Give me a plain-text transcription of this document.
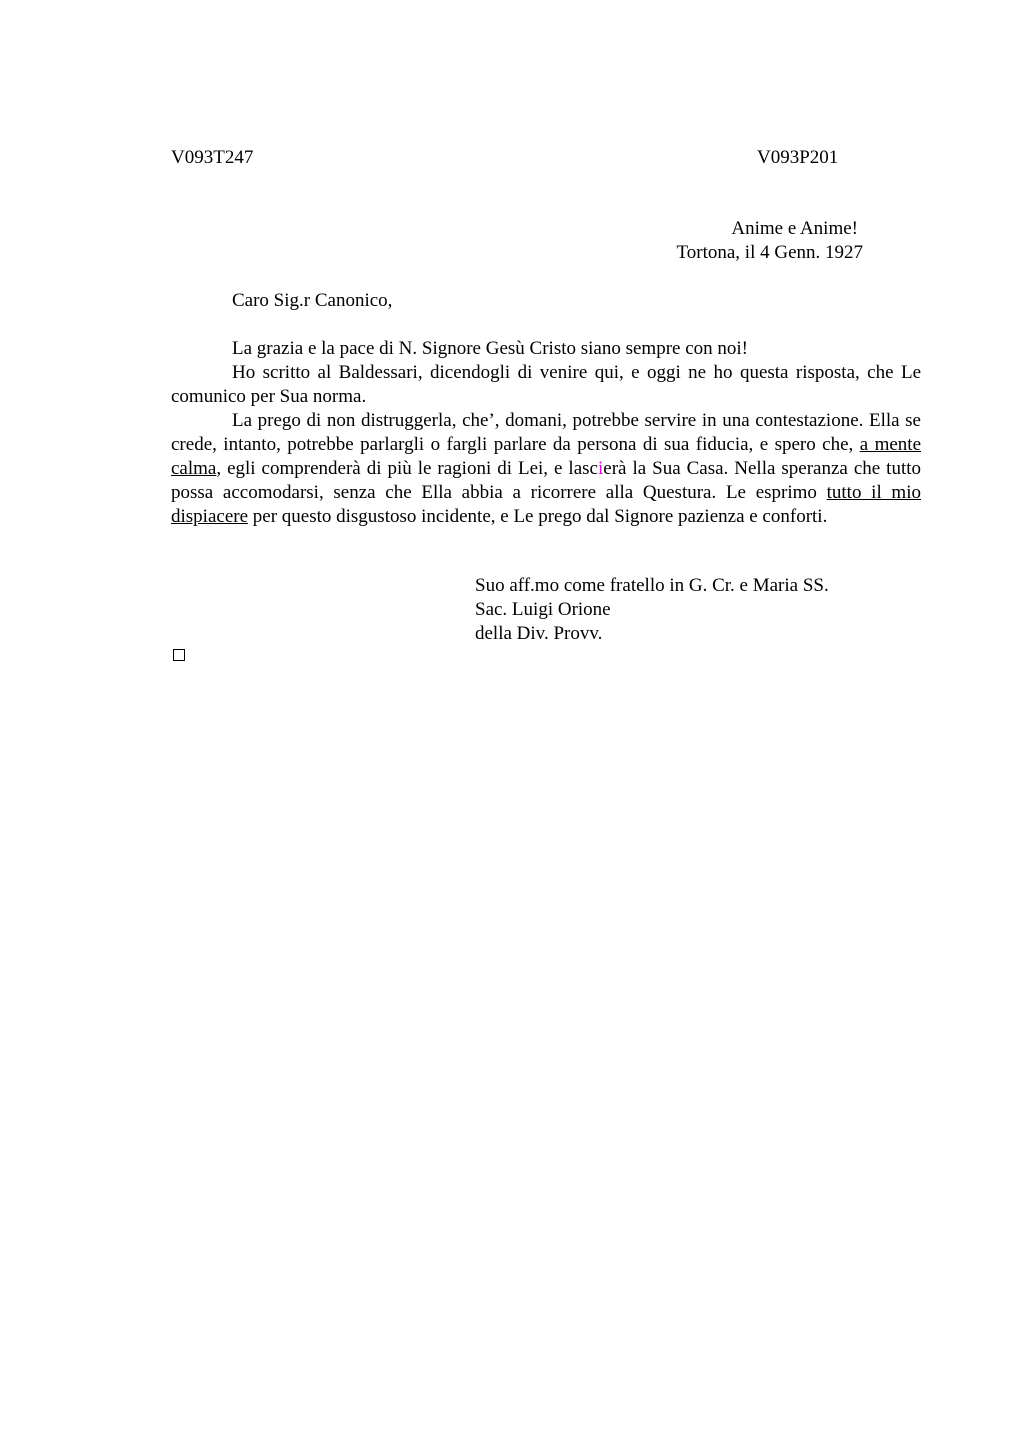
V093T247	V093P201
Anime e Anime!
Tortona, il 4 Genn. 1927
Caro Sig.r Canonico,

La grazia e la pace di N. Signore Gesù Cristo siano sempre con noi!

Ho scritto al Baldessari, dicendogli di venire qui, e oggi ne ho questa risposta, che Le comunico per Sua norma.

La prego di non distruggerla, che’, domani, potrebbe servire in una contestazione. Ella se crede, intanto, potrebbe parlargli o fargli parlare da persona di sua fiducia, e spero che, a mente calma, egli comprenderà di più le ragioni di Lei, e lascierà la Sua Casa. Nella speranza che tutto possa accomodarsi, senza che Ella abbia a ricorrere alla Questura. Le esprimo tutto il mio dispiacere per questo disgustoso incidente, e Le prego dal Signore pazienza e conforti.

Suo aff.mo come fratello in G. Cr. e Maria SS.
Sac. Luigi Orione
della Div. Provv.
